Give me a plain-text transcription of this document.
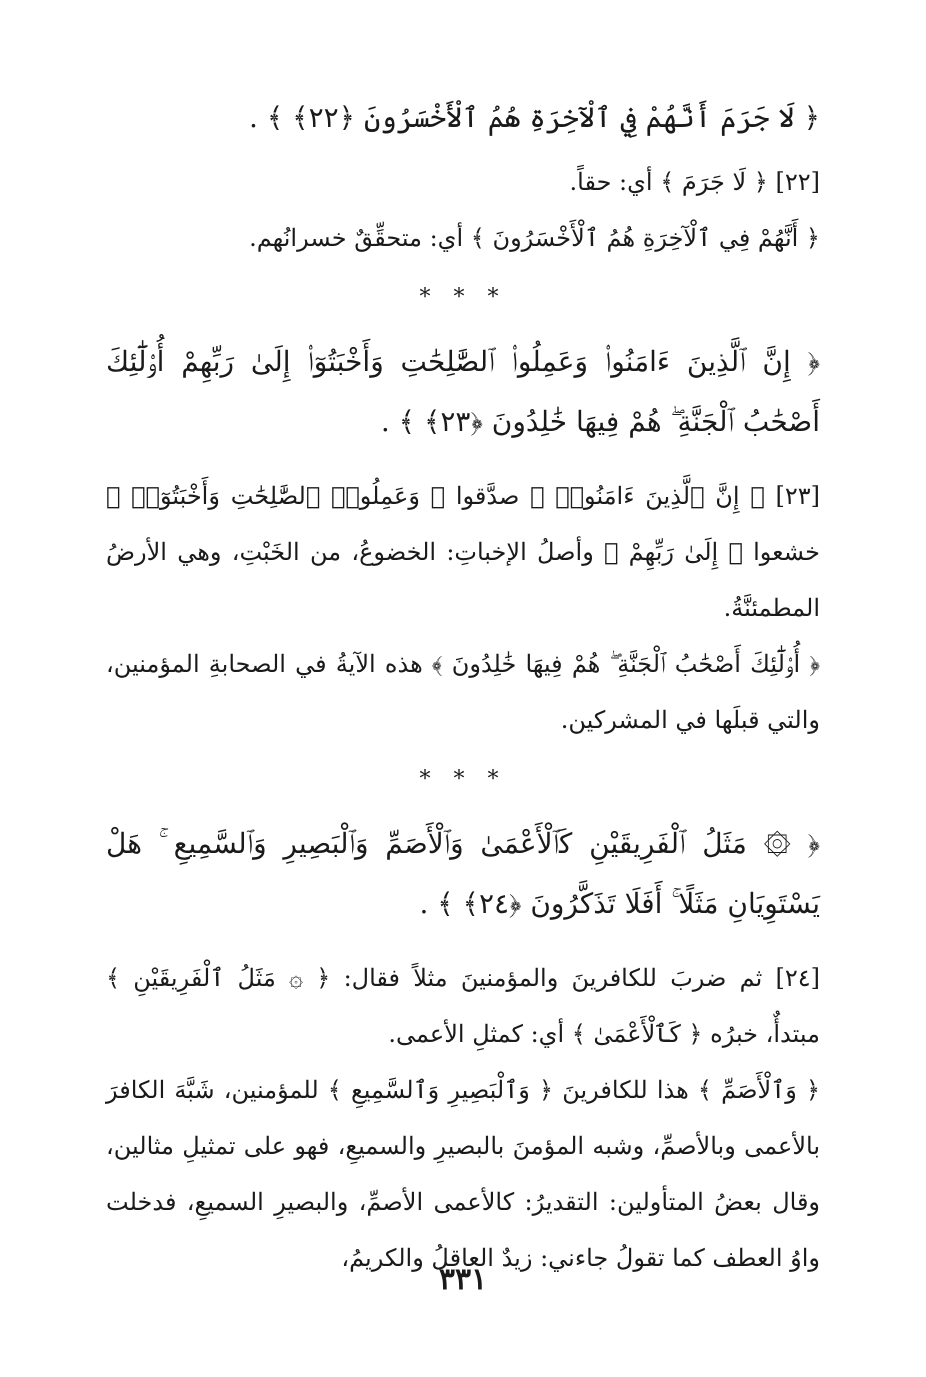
﴿ لَا جَرَمَ أَنَّهُمْ فِي ٱلْآخِرَةِ هُمُ ٱلْأَخْسَرُونَ ﴿٢٢﴾ ﴾ .

[٢٢] ﴿ لَا جَرَمَ ﴾ أي: حقاً.

﴿ أَنَّهُمْ فِي ٱلْآخِرَةِ هُمُ ٱلْأَخْسَرُونَ ﴾ أي: متحقِّقٌ خسرانُهم.

* * *

﴿ إِنَّ ٱلَّذِينَ ءَامَنُوا۟ وَعَمِلُوا۟ ٱلصَّٰلِحَٰتِ وَأَخْبَتُوٓا۟ إِلَىٰ رَبِّهِمْ أُو۟لَٰٓئِكَ أَصْحَٰبُ ٱلْجَنَّةِ ۖ هُمْ فِيهَا خَٰلِدُونَ ﴿٢٣﴾ ﴾ .

[٢٣] ﴿ إِنَّ ٱلَّذِينَ ءَامَنُوا۟ ﴾ صدَّقوا ﴿ وَعَمِلُوا۟ ٱلصَّٰلِحَٰتِ وَأَخْبَتُوٓا۟ ﴾ خشعوا ﴿ إِلَىٰ رَبِّهِمْ ﴾ وأصلُ الإخباتِ: الخضوعُ، من الخَبْتِ، وهي الأرضُ المطمئنَّةُ.

﴿ أُو۟لَٰٓئِكَ أَصْحَٰبُ ٱلْجَنَّةِ ۖ هُمْ فِيهَا خَٰلِدُونَ ﴾ هذه الآيةُ في الصحابةِ المؤمنين، والتي قبلَها في المشركين.

* * *

﴿ ۞ مَثَلُ ٱلْفَرِيقَيْنِ كَٱلْأَعْمَىٰ وَٱلْأَصَمِّ وَٱلْبَصِيرِ وَٱلسَّمِيعِ ۚ هَلْ يَسْتَوِيَانِ مَثَلًا ۚ أَفَلَا تَذَكَّرُونَ ﴿٢٤﴾ ﴾ .

[٢٤] ثم ضربَ للكافرينَ والمؤمنينَ مثلاً فقال: ﴿ ۞ مَثَلُ ٱلْفَرِيقَيْنِ ﴾ مبتدأٌ، خبرُه ﴿ كَٱلْأَعْمَىٰ ﴾ أي: كمثلِ الأعمى.

﴿ وَٱلْأَصَمِّ ﴾ هذا للكافرينَ ﴿ وَٱلْبَصِيرِ وَٱلسَّمِيعِ ﴾ للمؤمنين، شَبَّهَ الكافرَ بالأعمى وبالأصمِّ، وشبه المؤمنَ بالبصيرِ والسميعِ، فهو على تمثيلِ مثالين، وقال بعضُ المتأولين: التقديرُ: كالأعمى الأصمِّ، والبصيرِ السميعِ، فدخلت واوُ العطف كما تقولُ جاءني: زيدٌ العاقلُ والكريمُ،

٣٣١
